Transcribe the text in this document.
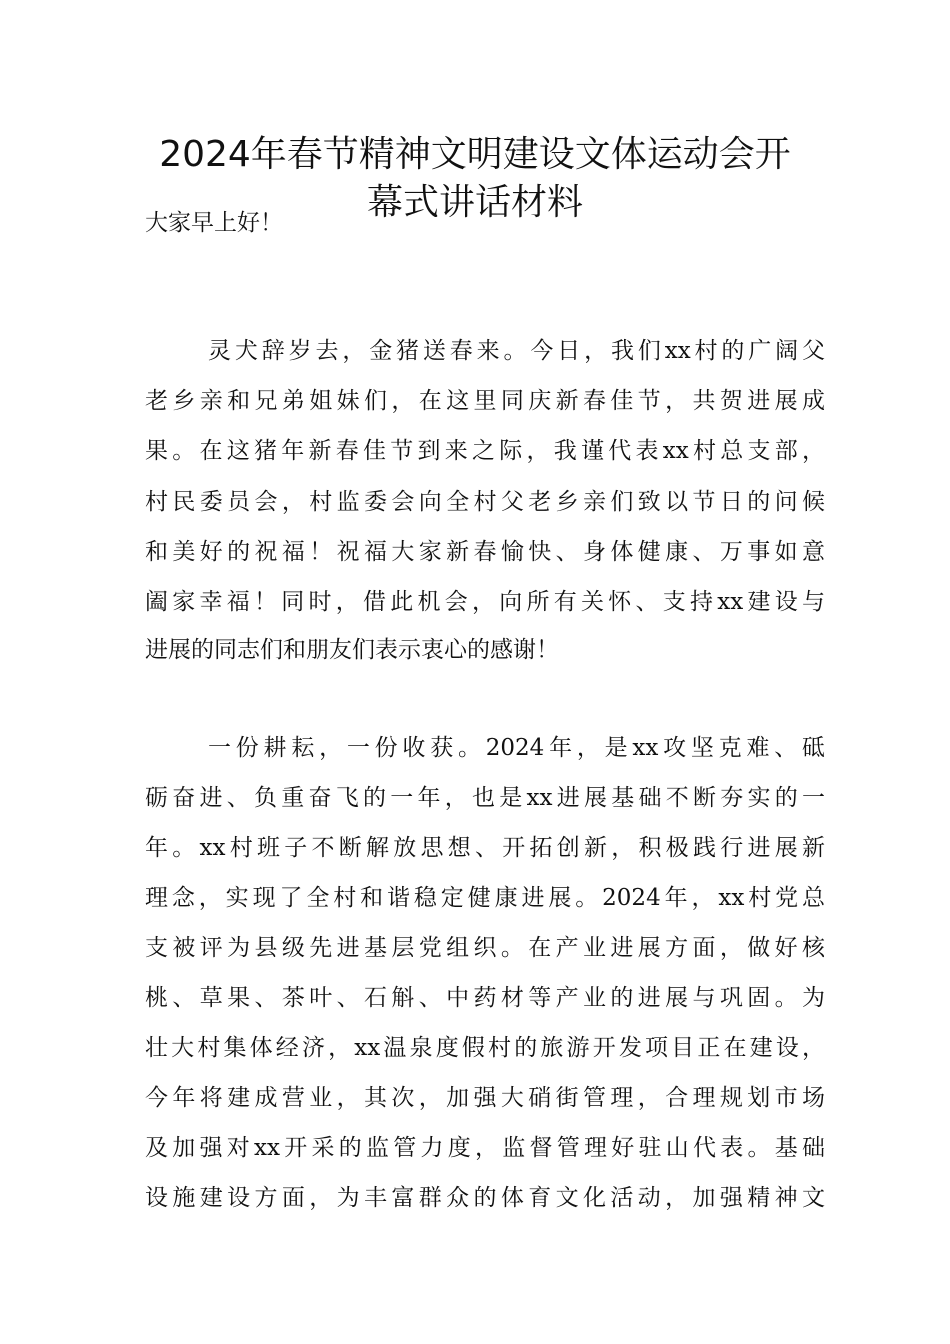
2024年春节精神文明建设文体运动会开
幕式讲话材料
大家早上好！
灵犬辞岁去，金猪送春来。今日，我们xx村的广阔父
老乡亲和兄弟姐妹们，在这里同庆新春佳节，共贺进展成
果。在这猪年新春佳节到来之际，我谨代表xx村总支部，
村民委员会，村监委会向全村父老乡亲们致以节日的问候
和美好的祝福！祝福大家新春愉快、身体健康、万事如意
阖家幸福！同时，借此机会，向所有关怀、支持xx建设与
进展的同志们和朋友们表示衷心的感谢！
一份耕耘，一份收获。2024年，是xx攻坚克难、砥
砺奋进、负重奋飞的一年，也是xx进展基础不断夯实的一
年。xx村班子不断解放思想、开拓创新，积极践行进展新
理念，实现了全村和谐稳定健康进展。2024年，xx村党总
支被评为县级先进基层党组织。在产业进展方面，做好核
桃、草果、茶叶、石斛、中药材等产业的进展与巩固。为
壮大村集体经济，xx温泉度假村的旅游开发项目正在建设，
今年将建成营业，其次，加强大硝街管理，合理规划市场
及加强对xx开采的监管力度，监督管理好驻山代表。基础
设施建设方面，为丰富群众的体育文化活动，加强精神文
